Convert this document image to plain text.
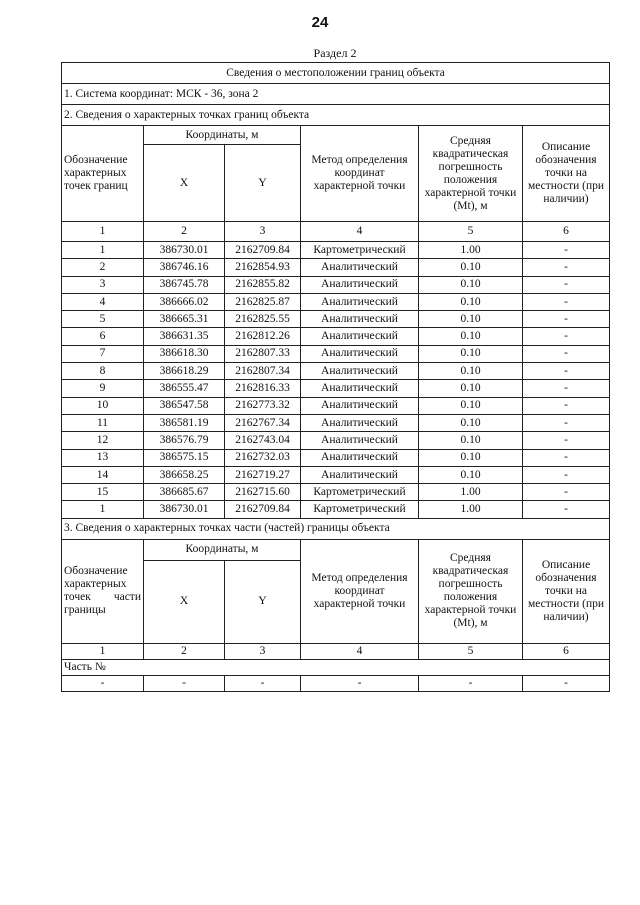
24
Раздел 2
Сведения о местоположении границ объекта					
1. Система координат: МСК - 36, зона 2					
2. Сведения о характерных точках границ объекта					
Обозначение характерных точек границ	Координаты, м		Метод определения координат характерной точки	Средняя квадратическая погрешность положения характерной точки (Mt), м	Описание обозначения точки на местности (при наличии)
	X	Y			
1	2	3	4	5	6
1	386730.01	2162709.84	Картометрический	1.00	-
2	386746.16	2162854.93	Аналитический	0.10	-
3	386745.78	2162855.82	Аналитический	0.10	-
4	386666.02	2162825.87	Аналитический	0.10	-
5	386665.31	2162825.55	Аналитический	0.10	-
6	386631.35	2162812.26	Аналитический	0.10	-
7	386618.30	2162807.33	Аналитический	0.10	-
8	386618.29	2162807.34	Аналитический	0.10	-
9	386555.47	2162816.33	Аналитический	0.10	-
10	386547.58	2162773.32	Аналитический	0.10	-
11	386581.19	2162767.34	Аналитический	0.10	-
12	386576.79	2162743.04	Аналитический	0.10	-
13	386575.15	2162732.03	Аналитический	0.10	-
14	386658.25	2162719.27	Аналитический	0.10	-
15	386685.67	2162715.60	Картометрический	1.00	-
1	386730.01	2162709.84	Картометрический	1.00	-
3. Сведения о характерных точках части (частей) границы объекта					
Обозначение характерных точек части границы	Координаты, м		Метод определения координат характерной точки	Средняя квадратическая погрешность положения характерной точки (Mt), м	Описание обозначения точки на местности (при наличии)
	X	Y			
1	2	3	4	5	6
Часть №					
-	-	-	-	-	-
